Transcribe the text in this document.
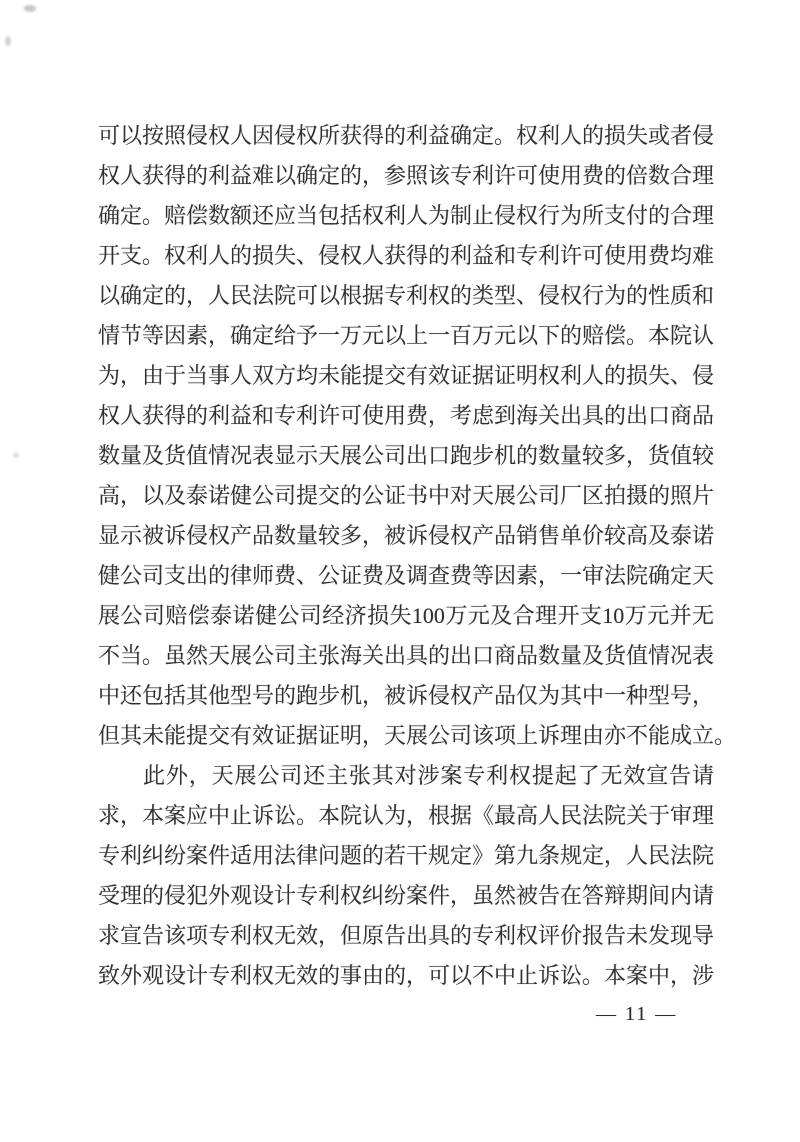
可以按照侵权人因侵权所获得的利益确定。权利人的损失或者侵
权人获得的利益难以确定的，参照该专利许可使用费的倍数合理
确定。赔偿数额还应当包括权利人为制止侵权行为所支付的合理
开支。权利人的损失、侵权人获得的利益和专利许可使用费均难
以确定的，人民法院可以根据专利权的类型、侵权行为的性质和
情节等因素，确定给予一万元以上一百万元以下的赔偿。本院认
为，由于当事人双方均未能提交有效证据证明权利人的损失、侵
权人获得的利益和专利许可使用费，考虑到海关出具的出口商品
数量及货值情况表显示天展公司出口跑步机的数量较多，货值较
高，以及泰诺健公司提交的公证书中对天展公司厂区拍摄的照片
显示被诉侵权产品数量较多，被诉侵权产品销售单价较高及泰诺
健公司支出的律师费、公证费及调查费等因素，一审法院确定天
展公司赔偿泰诺健公司经济损失100万元及合理开支10万元并无
不当。虽然天展公司主张海关出具的出口商品数量及货值情况表
中还包括其他型号的跑步机，被诉侵权产品仅为其中一种型号，
但其未能提交有效证据证明，天展公司该项上诉理由亦不能成立。
此外，天展公司还主张其对涉案专利权提起了无效宣告请
求，本案应中止诉讼。本院认为，根据《最高人民法院关于审理
专利纠纷案件适用法律问题的若干规定》第九条规定，人民法院
受理的侵犯外观设计专利权纠纷案件，虽然被告在答辩期间内请
求宣告该项专利权无效，但原告出具的专利权评价报告未发现导
致外观设计专利权无效的事由的，可以不中止诉讼。本案中，涉
— 11 —
